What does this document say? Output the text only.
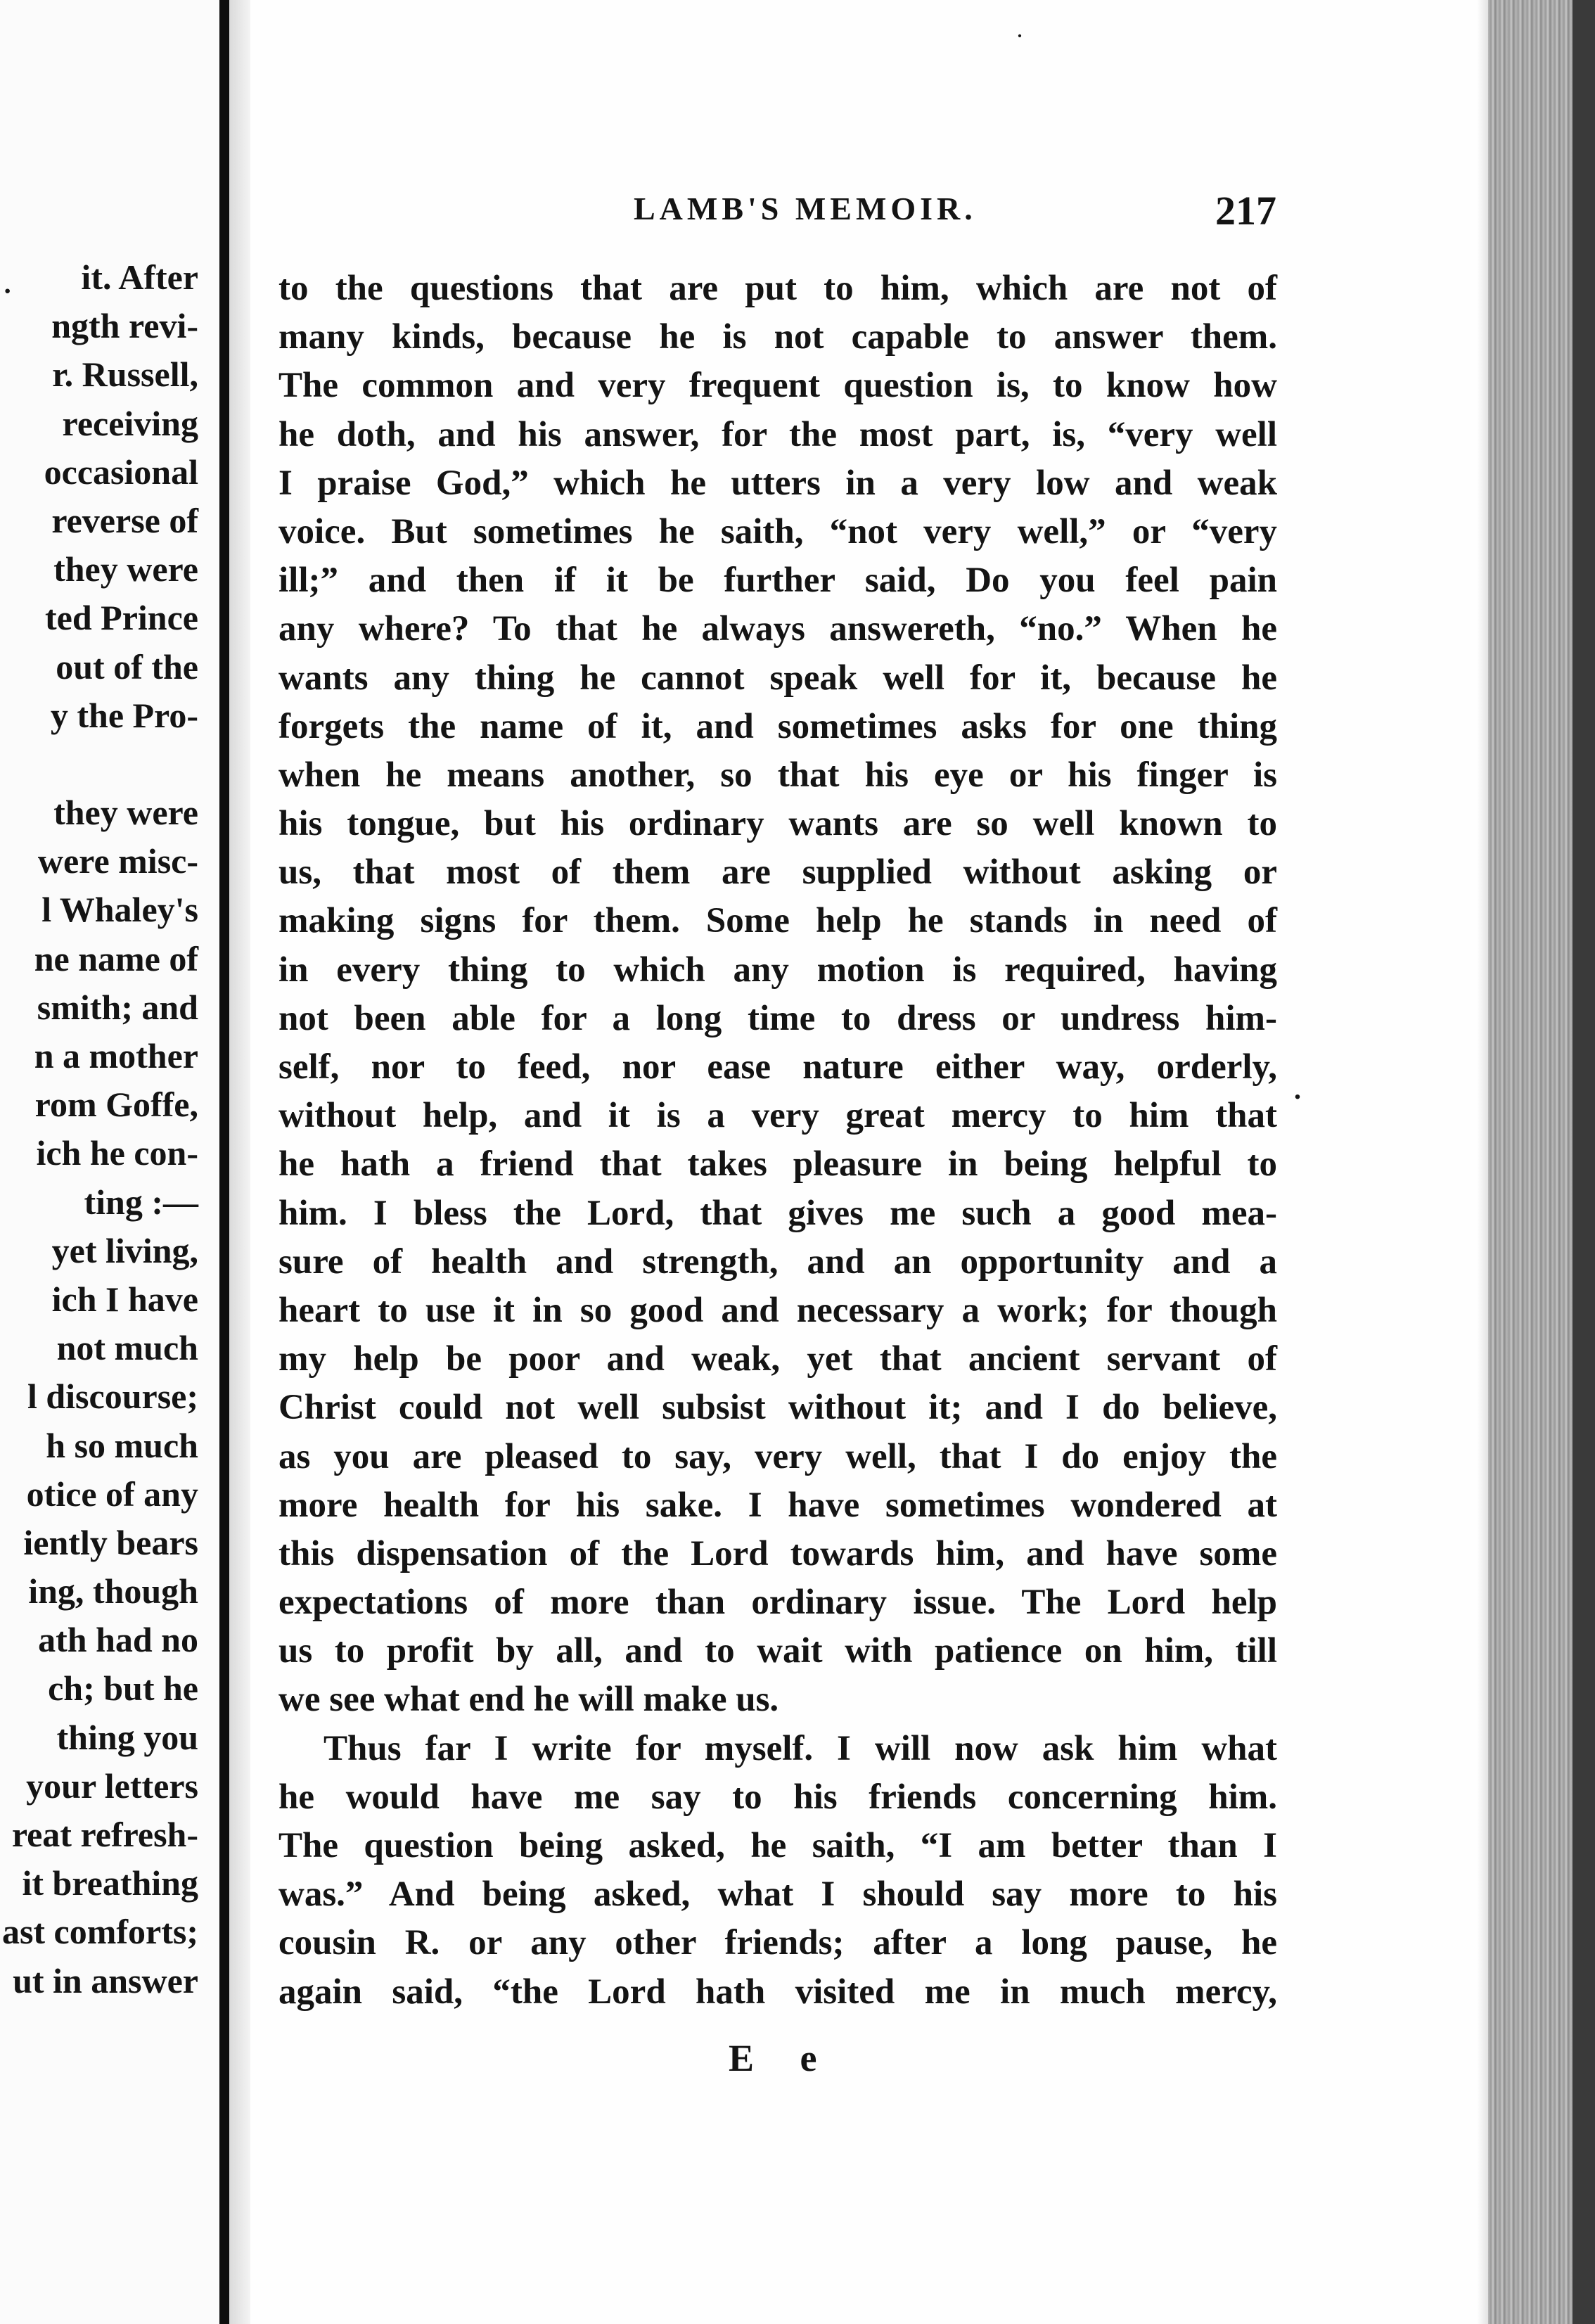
·	it. After
ngth revi-
r. Russell,
receiving
occasional
reverse of
they were
ted Prince
out of the
y the Pro-
they were
were misc-
l Whaley's
ne name of
smith; and
n a mother
rom Goffe,
ich he con-
ting :—
yet living,
ich I have
not much
l discourse;
h so much
otice of any
iently bears
ing, though
ath had no
ch; but he
thing you
your letters
reat refresh-
it breathing
ast comforts;
ut in answer
·
LAMB'S MEMOIR.	217
to the questions that are put to him, which are not of
many kinds, because he is not capable to answer them.
The common and very frequent question is, to know how
he doth, and his answer, for the most part, is, “very well
I praise God,” which he utters in a very low and weak
voice. But sometimes he saith, “not very well,” or “very
ill;” and then if it be further said, Do you feel pain
any where? To that he always answereth, “no.” When he
wants any thing he cannot speak well for it, because he
forgets the name of it, and sometimes asks for one thing
when he means another, so that his eye or his finger is
his tongue, but his ordinary wants are so well known to
us, that most of them are supplied without asking or
making signs for them. Some help he stands in need of
in every thing to which any motion is required, having
not been able for a long time to dress or undress him-
self, nor to feed, nor ease nature either way, orderly,
without help, and it is a very great mercy to him that
he hath a friend that takes pleasure in being helpful to
him. I bless the Lord, that gives me such a good mea-
sure of health and strength, and an opportunity and a
heart to use it in so good and necessary a work; for though
my help be poor and weak, yet that ancient servant of
Christ could not well subsist without it; and I do believe,
as you are pleased to say, very well, that I do enjoy the
more health for his sake. I have sometimes wondered at
this dispensation of the Lord towards him, and have some
expectations of more than ordinary issue. The Lord help
us to profit by all, and to wait with patience on him, till
we see what end he will make us.
Thus far I write for myself. I will now ask him what
he would have me say to his friends concerning him.
The question being asked, he saith, “I am better than I
was.” And being asked, what I should say more to his
cousin R. or any other friends; after a long pause, he
again said, “the Lord hath visited me in much mercy,
.
E e
